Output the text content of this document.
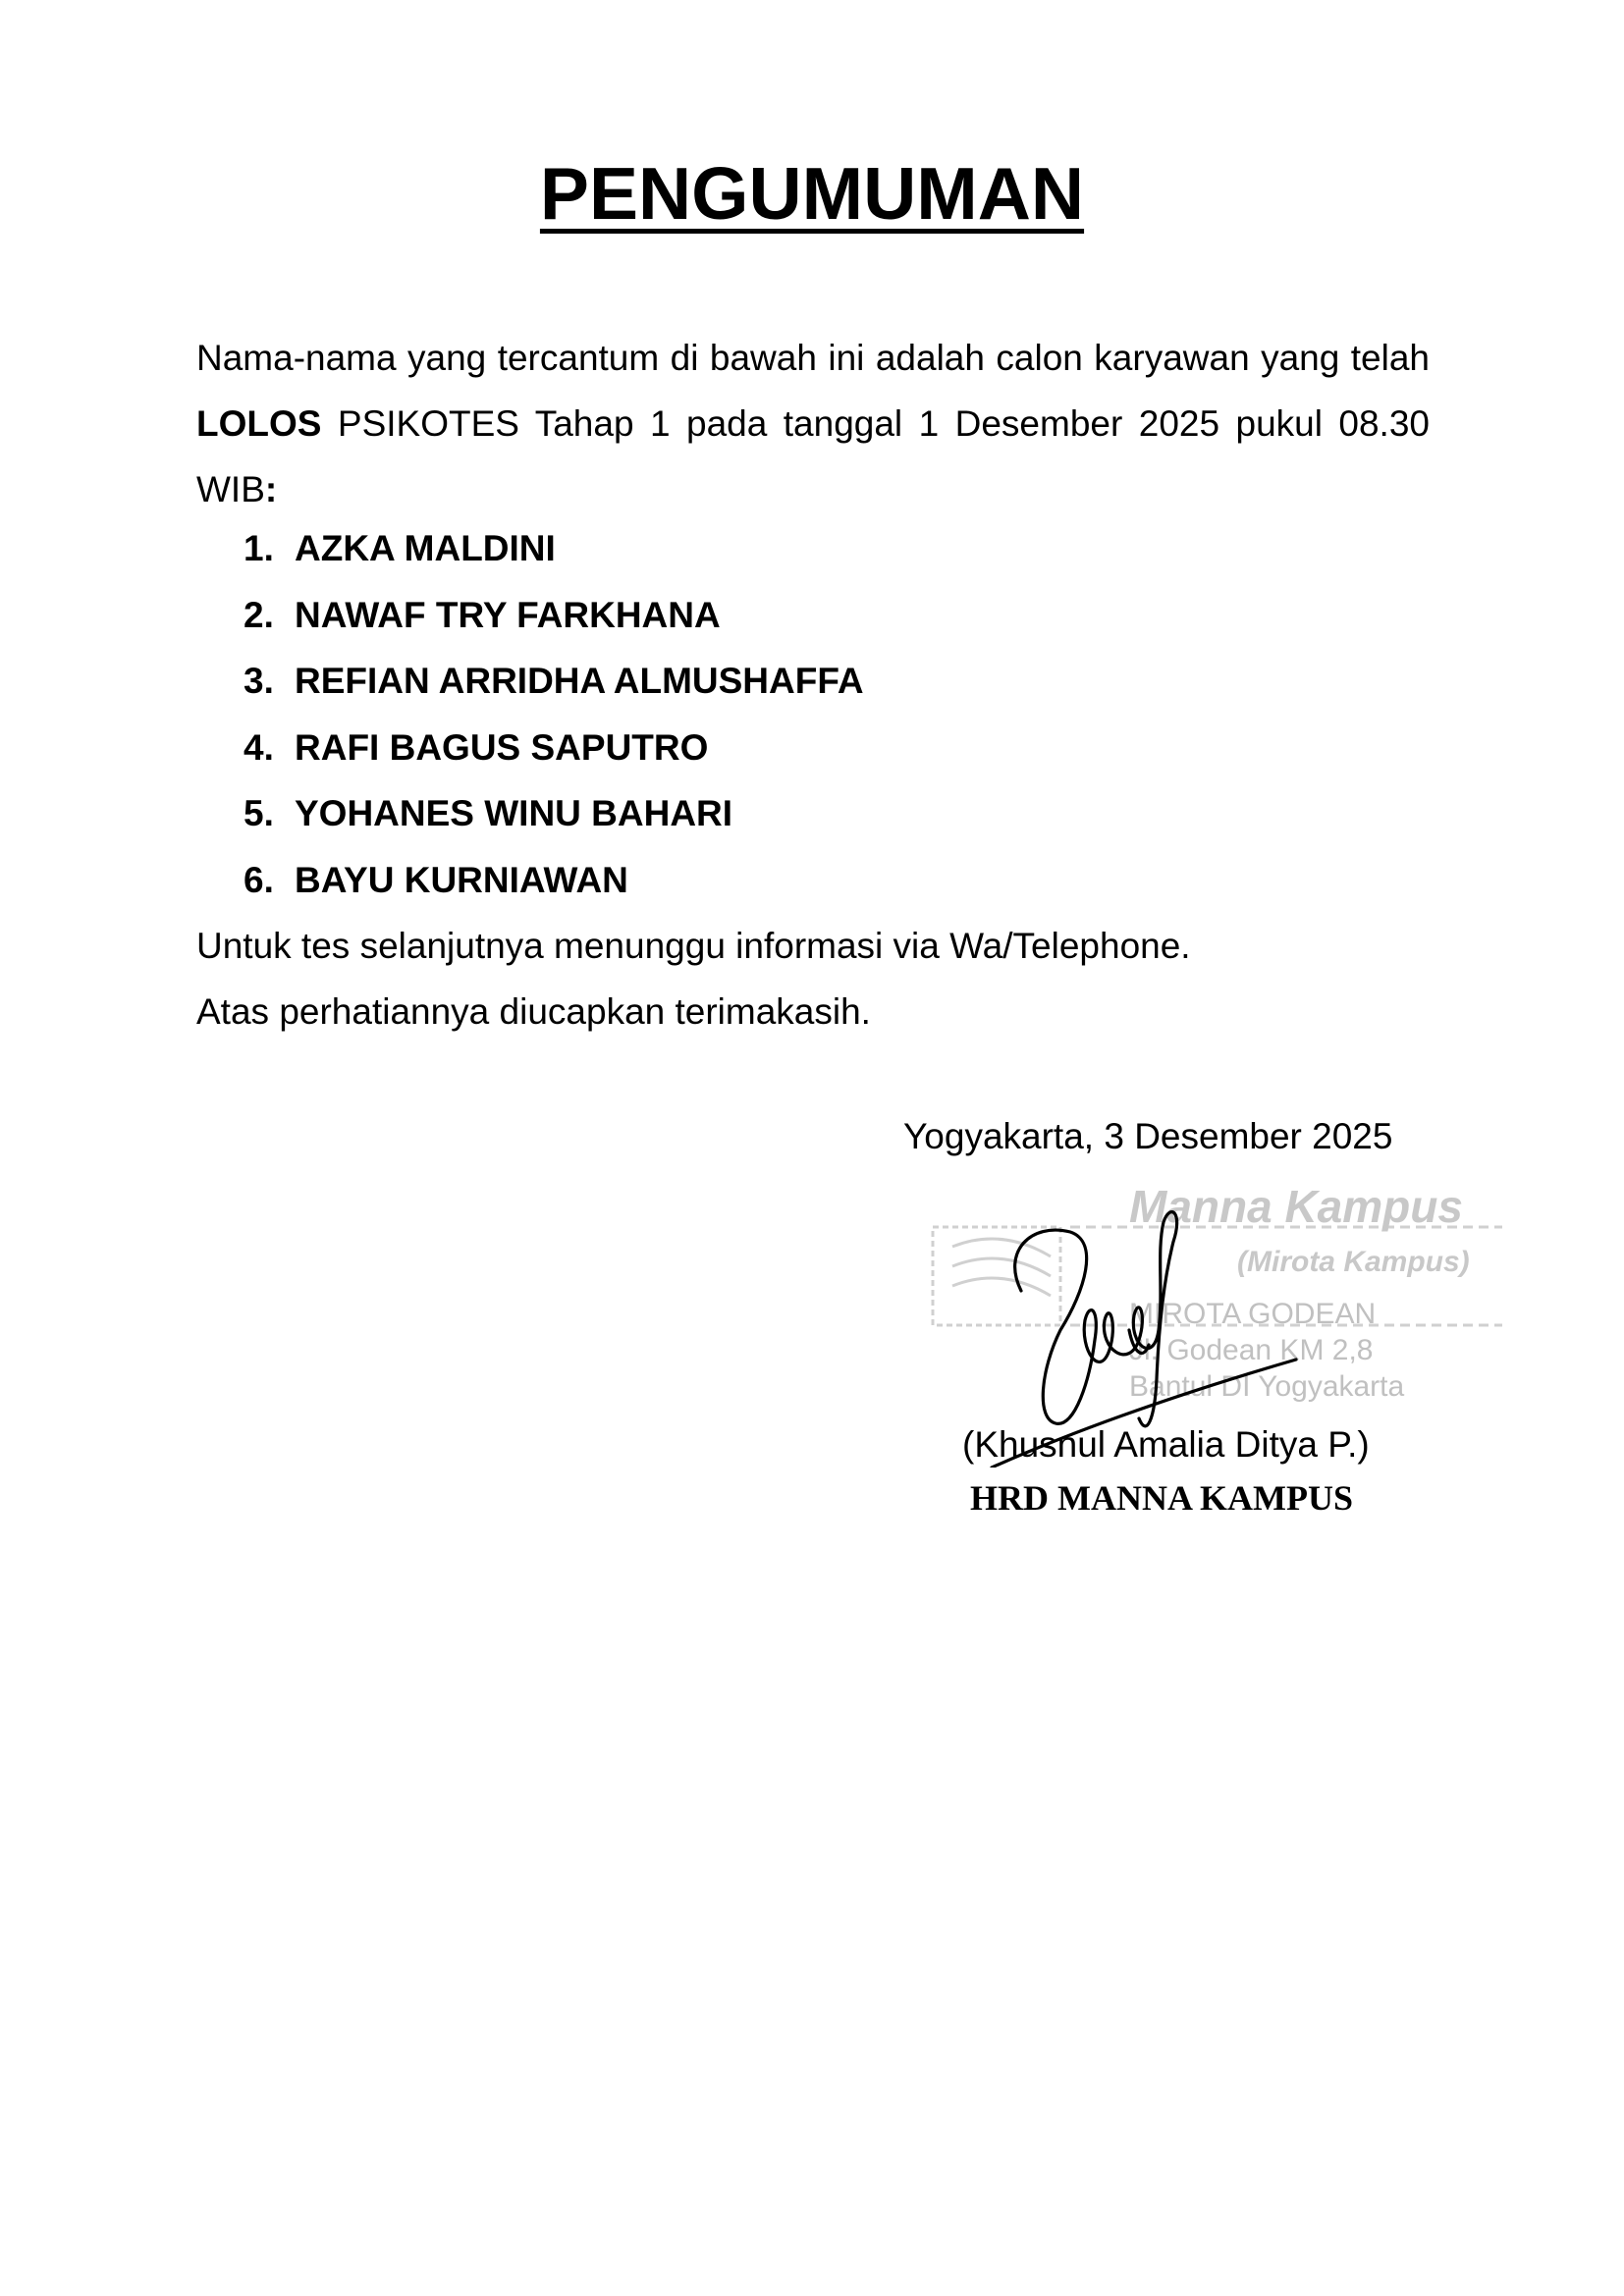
PENGUMUMAN

Nama-nama yang tercantum di bawah ini adalah calon karyawan yang telah LOLOS PSIKOTES Tahap 1 pada tanggal 1 Desember 2025 pukul 08.30 WIB:

1. AZKA MALDINI
2. NAWAF TRY FARKHANA
3. REFIAN ARRIDHA ALMUSHAFFA
4. RAFI BAGUS SAPUTRO
5. YOHANES WINU BAHARI
6. BAYU KURNIAWAN

Untuk tes selanjutnya menunggu informasi via Wa/Telephone.

Atas perhatiannya diucapkan terimakasih.

Yogyakarta, 3 Desember 2025
Manna Kampus
(Mirota Kampus)
MIROTA GODEAN
Jl. Godean KM 2,8
Bantul DI Yogyakarta
(Khusnul Amalia Ditya P.)
HRD MANNA KAMPUS
